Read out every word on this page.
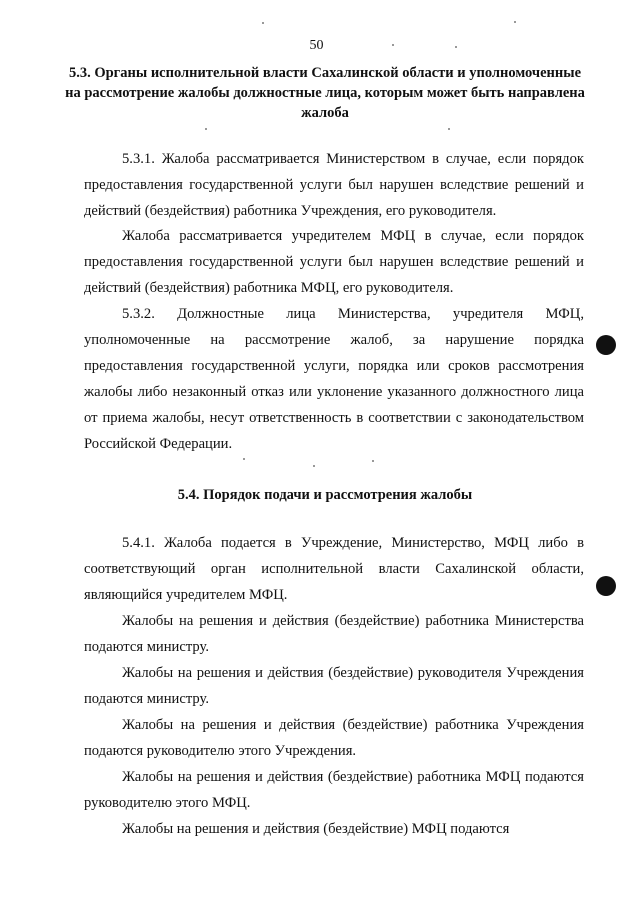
50
5.3. Органы исполнительной власти Сахалинской области и уполномоченные на рассмотрение жалобы должностные лица, которым может быть направлена жалоба
5.3.1. Жалоба рассматривается Министерством в случае, если порядок предоставления государственной услуги был нарушен вследствие решений и действий (бездействия) работника Учреждения, его руководителя.
Жалоба рассматривается учредителем МФЦ в случае, если порядок предоставления государственной услуги был нарушен вследствие решений и действий (бездействия) работника МФЦ, его руководителя.
5.3.2. Должностные лица Министерства, учредителя МФЦ, уполномоченные на рассмотрение жалоб, за нарушение порядка предоставления государственной услуги, порядка или сроков рассмотрения жалобы либо незаконный отказ или уклонение указанного должностного лица от приема жалобы, несут ответственность в соответствии с законодательством Российской Федерации.
5.4. Порядок подачи и рассмотрения жалобы
5.4.1. Жалоба подается в Учреждение, Министерство, МФЦ либо в соответствующий орган исполнительной власти Сахалинской области, являющийся учредителем МФЦ.
Жалобы на решения и действия (бездействие) работника Министерства подаются министру.
Жалобы на решения и действия (бездействие) руководителя Учреждения подаются министру.
Жалобы на решения и действия (бездействие) работника Учреждения подаются руководителю этого Учреждения.
Жалобы на решения и действия (бездействие) работника МФЦ подаются руководителю этого МФЦ.
Жалобы на решения и действия (бездействие) МФЦ подаются
